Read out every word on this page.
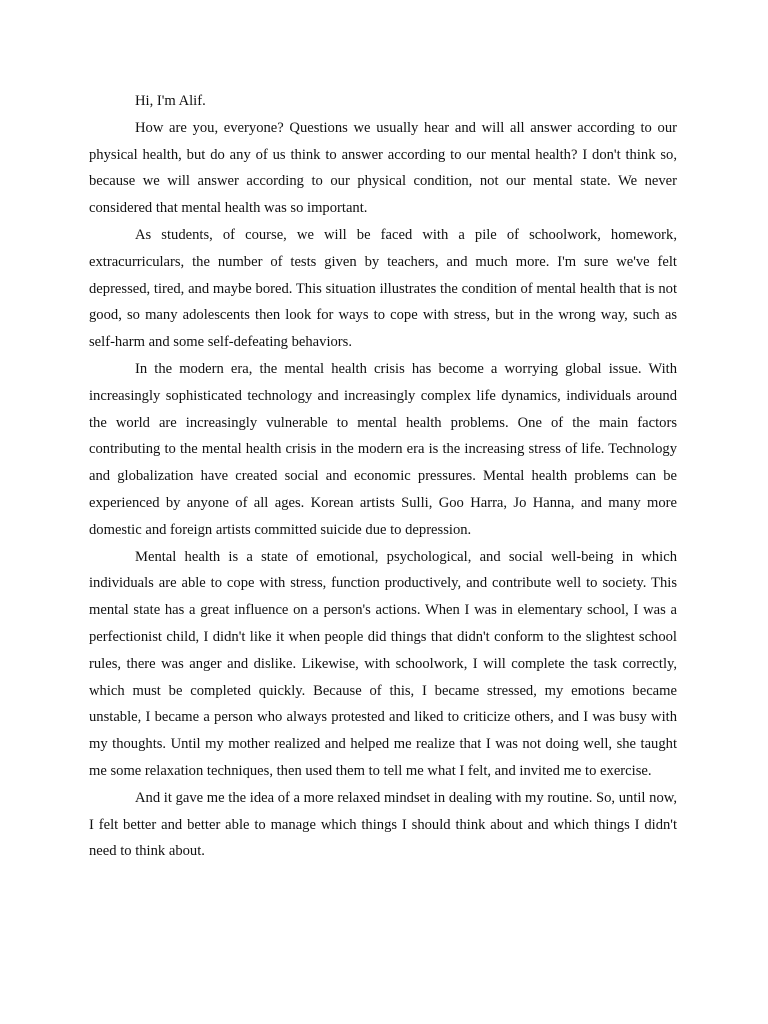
Hi, I'm Alif.

How are you, everyone? Questions we usually hear and will all answer according to our physical health, but do any of us think to answer according to our mental health? I don't think so, because we will answer according to our physical condition, not our mental state. We never considered that mental health was so important.

As students, of course, we will be faced with a pile of schoolwork, homework, extracurriculars, the number of tests given by teachers, and much more. I'm sure we've felt depressed, tired, and maybe bored. This situation illustrates the condition of mental health that is not good, so many adolescents then look for ways to cope with stress, but in the wrong way, such as self-harm and some self-defeating behaviors.

In the modern era, the mental health crisis has become a worrying global issue. With increasingly sophisticated technology and increasingly complex life dynamics, individuals around the world are increasingly vulnerable to mental health problems. One of the main factors contributing to the mental health crisis in the modern era is the increasing stress of life. Technology and globalization have created social and economic pressures. Mental health problems can be experienced by anyone of all ages. Korean artists Sulli, Goo Harra, Jo Hanna, and many more domestic and foreign artists committed suicide due to depression.

Mental health is a state of emotional, psychological, and social well-being in which individuals are able to cope with stress, function productively, and contribute well to society. This mental state has a great influence on a person's actions. When I was in elementary school, I was a perfectionist child, I didn't like it when people did things that didn't conform to the slightest school rules, there was anger and dislike. Likewise, with schoolwork, I will complete the task correctly, which must be completed quickly. Because of this, I became stressed, my emotions became unstable, I became a person who always protested and liked to criticize others, and I was busy with my thoughts. Until my mother realized and helped me realize that I was not doing well, she taught me some relaxation techniques, then used them to tell me what I felt, and invited me to exercise.

And it gave me the idea of a more relaxed mindset in dealing with my routine. So, until now, I felt better and better able to manage which things I should think about and which things I didn't need to think about.
